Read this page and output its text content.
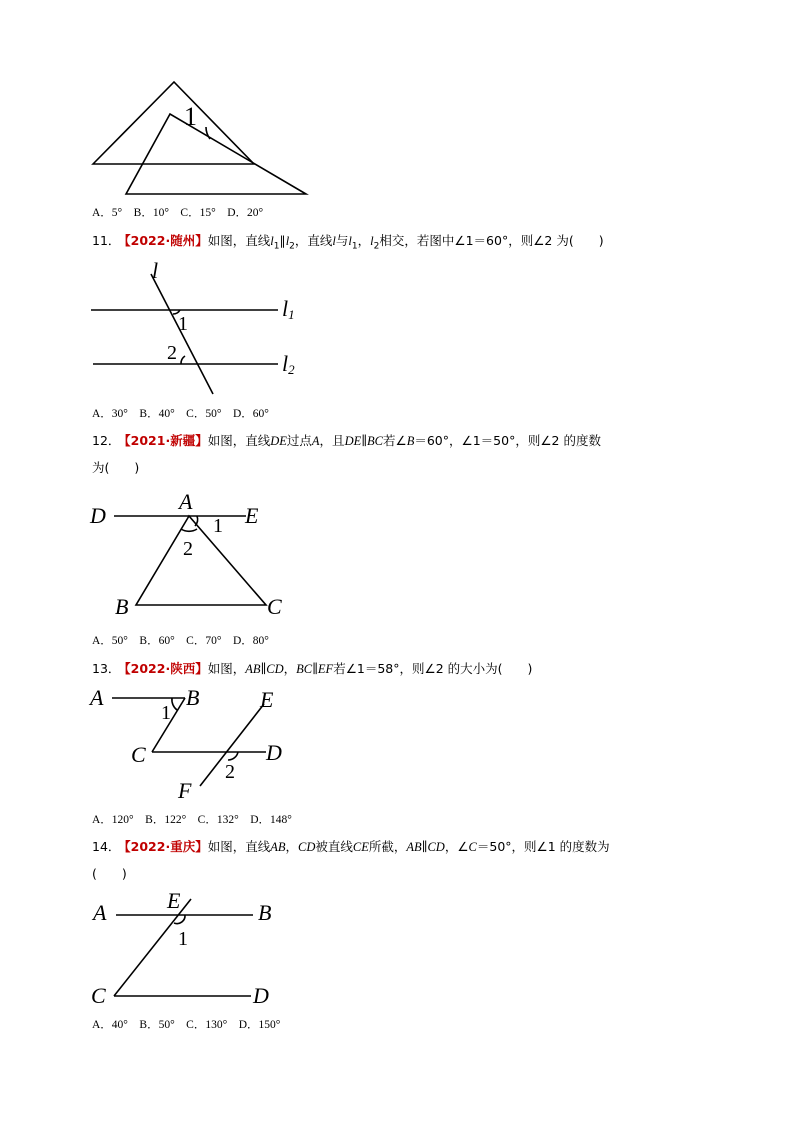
1
A．5°　B．10°　C．15°　D．20°
11． 【2022·随州】如图，直线$l_1\parallel l_2$，直线l与$l_1$，$l_2$相交，若图中∠1＝60°，则∠2 为(　　)
l
l1
l2
1
2
A．30°　B．40°　C．50°　D．60°
12． 【2021·新疆】如图，直线DE过点A，且DE∥BC若∠B＝60°，∠1＝50°，则∠2 的度数
为(　　)
D
A
E
B	C
1
2
A．50°　B．60°　C．70°　D．80°
13． 【2022·陕西】如图，AB∥CD，BC∥EF若∠1＝58°，则∠2 的大小为(　　)
A	B
C	D
E
F
1
2
A．120°　B．122°　C．132°　D．148°
14． 【2022·重庆】如图，直线AB，CD被直线CE所截，AB∥CD，∠C＝50°，则∠1 的度数为
(　　)
A	E	B
C	D
1
A．40°　B．50°　C．130°　D．150°
